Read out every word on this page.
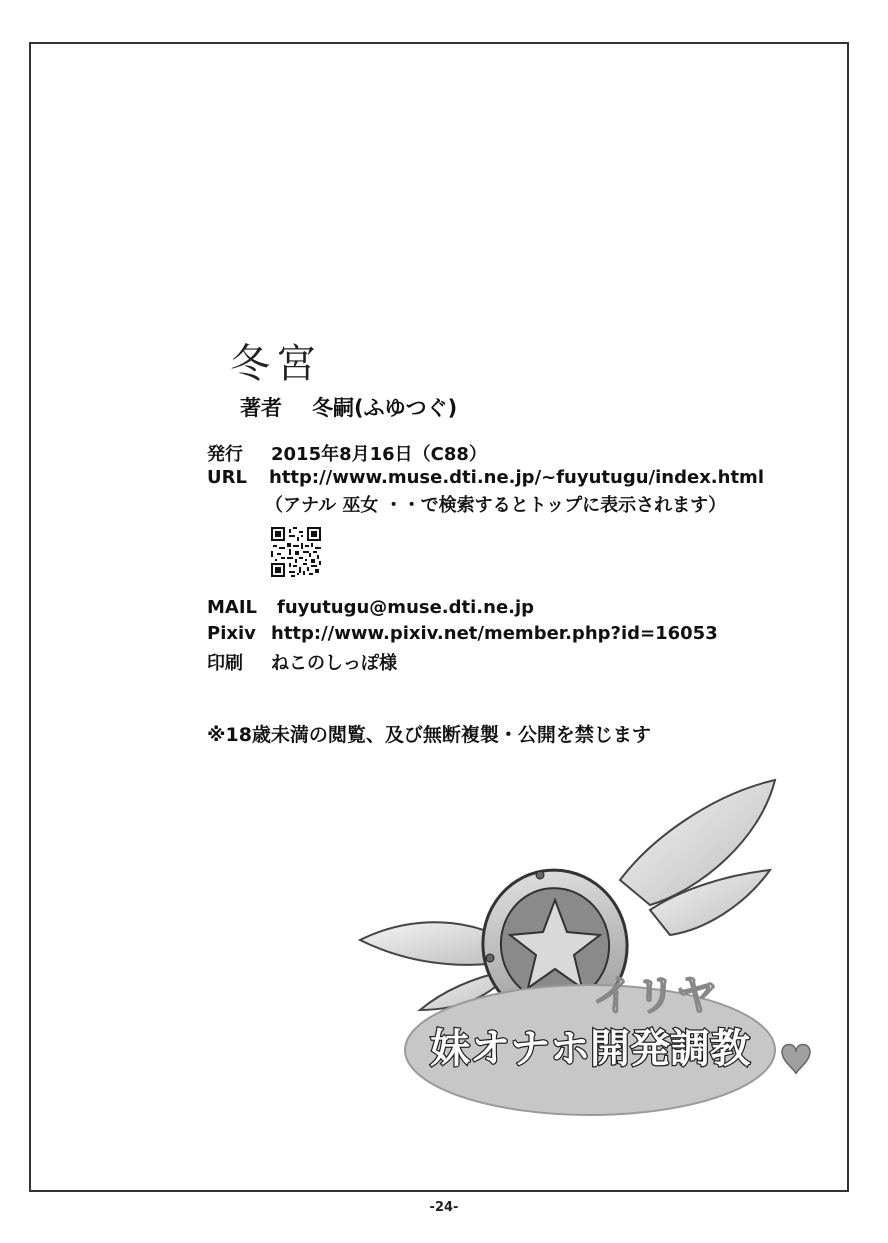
冬宮
著者 冬嗣(ふゆつぐ)
発行 2015年8月16日（C88）
URL http://www.muse.dti.ne.jp/~fuyutugu/index.html
（アナル 巫女 ・・で検索するとトップに表示されます）
MAIL fuyutugu@muse.dti.ne.jp
Pixiv http://www.pixiv.net/member.php?id=16053
印刷 ねこのしっぽ様
※18歳未満の閲覧、及び無断複製・公開を禁じます
イリヤ
妹オナホ開発調教
-24-
